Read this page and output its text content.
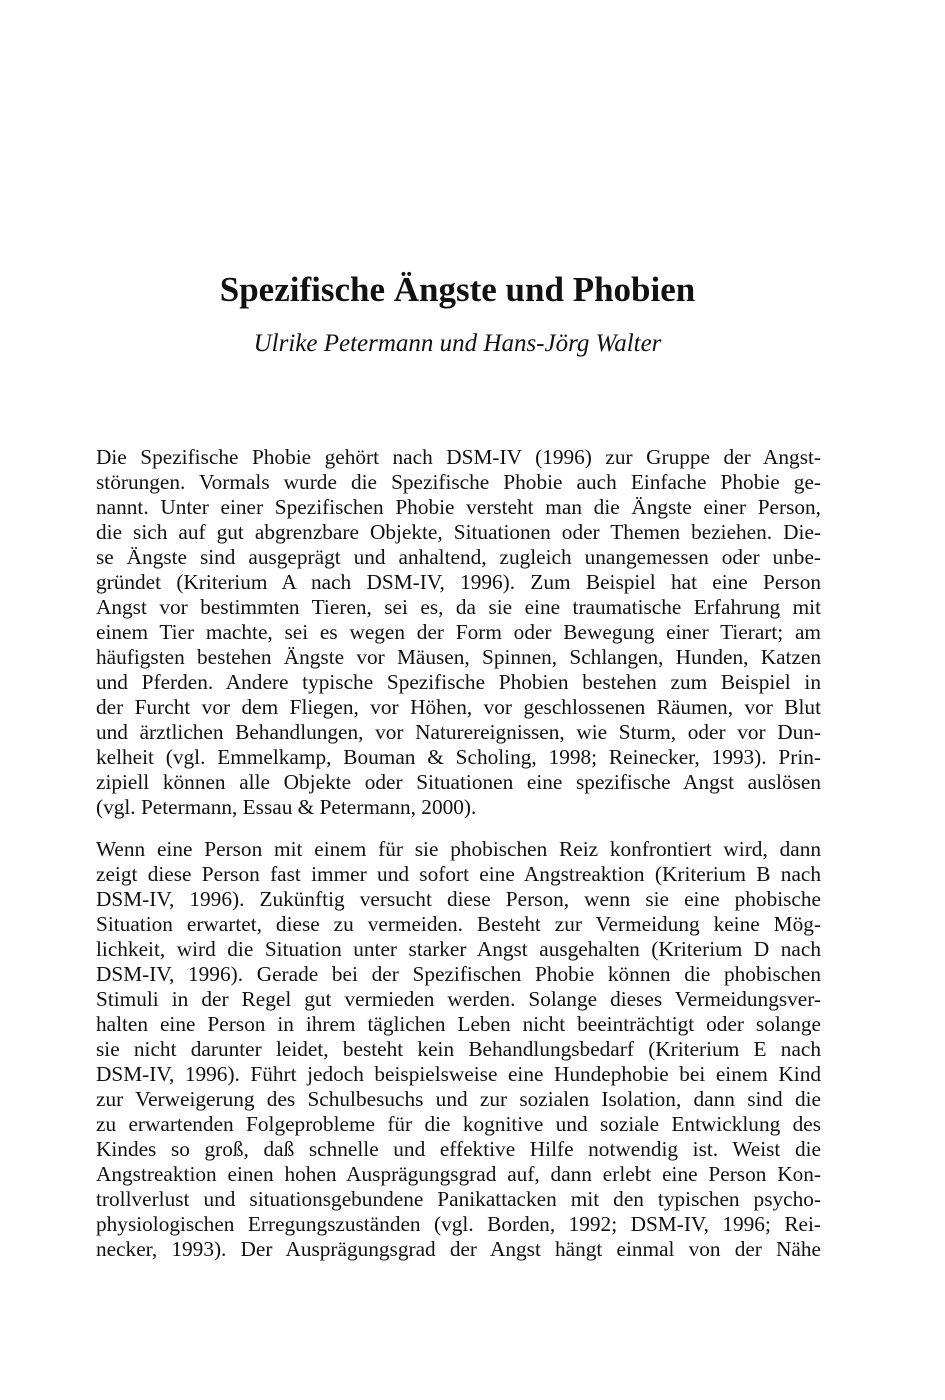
Spezifische Ängste und Phobien
Ulrike Petermann und Hans-Jörg Walter
Die Spezifische Phobie gehört nach DSM-IV (1996) zur Gruppe der Angst-
störungen. Vormals wurde die Spezifische Phobie auch Einfache Phobie ge-
nannt. Unter einer Spezifischen Phobie versteht man die Ängste einer Person,
die sich auf gut abgrenzbare Objekte, Situationen oder Themen beziehen. Die-
se Ängste sind ausgeprägt und anhaltend, zugleich unangemessen oder unbe-
gründet (Kriterium A nach DSM-IV, 1996). Zum Beispiel hat eine Person
Angst vor bestimmten Tieren, sei es, da sie eine traumatische Erfahrung mit
einem Tier machte, sei es wegen der Form oder Bewegung einer Tierart; am
häufigsten bestehen Ängste vor Mäusen, Spinnen, Schlangen, Hunden, Katzen
und Pferden. Andere typische Spezifische Phobien bestehen zum Beispiel in
der Furcht vor dem Fliegen, vor Höhen, vor geschlossenen Räumen, vor Blut
und ärztlichen Behandlungen, vor Naturereignissen, wie Sturm, oder vor Dun-
kelheit (vgl. Emmelkamp, Bouman & Scholing, 1998; Reinecker, 1993). Prin-
zipiell können alle Objekte oder Situationen eine spezifische Angst auslösen
(vgl. Petermann, Essau & Petermann, 2000).
Wenn eine Person mit einem für sie phobischen Reiz konfrontiert wird, dann
zeigt diese Person fast immer und sofort eine Angstreaktion (Kriterium B nach
DSM-IV, 1996). Zukünftig versucht diese Person, wenn sie eine phobische
Situation erwartet, diese zu vermeiden. Besteht zur Vermeidung keine Mög-
lichkeit, wird die Situation unter starker Angst ausgehalten (Kriterium D nach
DSM-IV, 1996). Gerade bei der Spezifischen Phobie können die phobischen
Stimuli in der Regel gut vermieden werden. Solange dieses Vermeidungsver-
halten eine Person in ihrem täglichen Leben nicht beeinträchtigt oder solange
sie nicht darunter leidet, besteht kein Behandlungsbedarf (Kriterium E nach
DSM-IV, 1996). Führt jedoch beispielsweise eine Hundephobie bei einem Kind
zur Verweigerung des Schulbesuchs und zur sozialen Isolation, dann sind die
zu erwartenden Folgeprobleme für die kognitive und soziale Entwicklung des
Kindes so groß, daß schnelle und effektive Hilfe notwendig ist. Weist die
Angstreaktion einen hohen Ausprägungsgrad auf, dann erlebt eine Person Kon-
trollverlust und situationsgebundene Panikattacken mit den typischen psycho-
physiologischen Erregungszuständen (vgl. Borden, 1992; DSM-IV, 1996; Rei-
necker, 1993). Der Ausprägungsgrad der Angst hängt einmal von der Nähe
